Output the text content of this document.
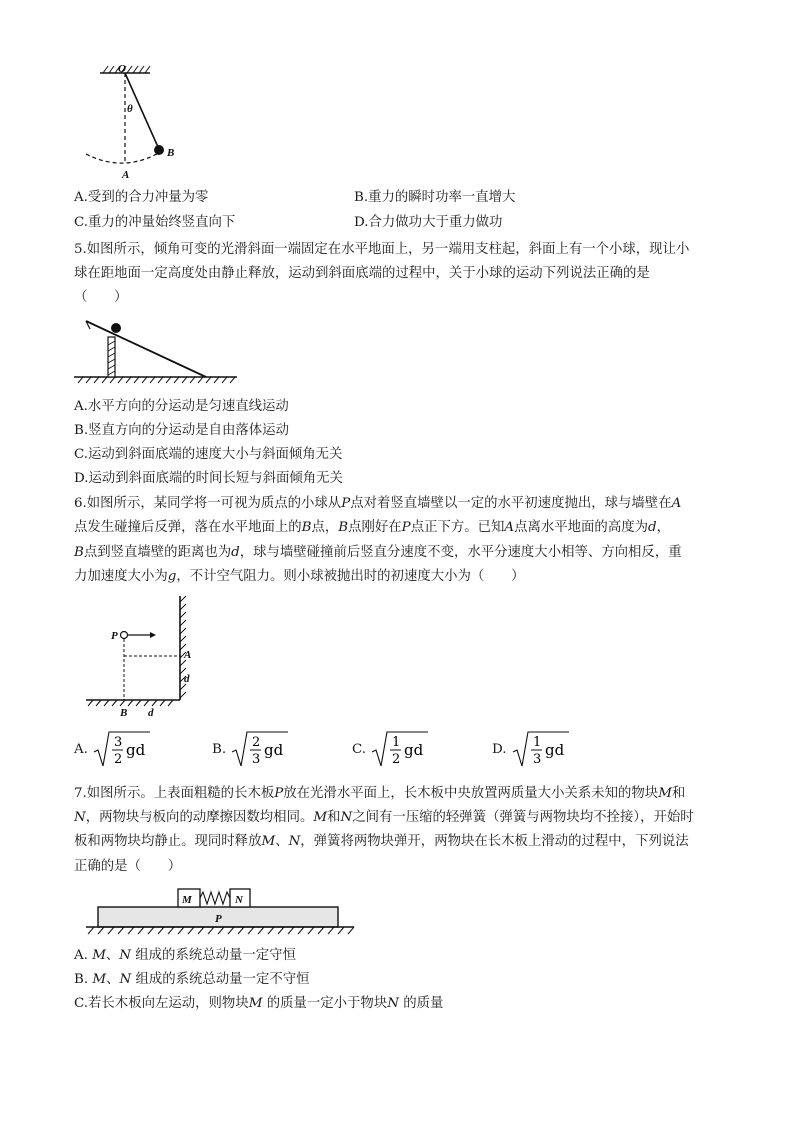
O
θ
B
A
A.受到的合力冲量为零	B.重力的瞬时功率一直增大
C.重力的冲量始终竖直向下	D.合力做功大于重力做功
5.如图所示，倾角可变的光滑斜面一端固定在水平地面上，另一端用支柱起，斜面上有一个小球，现让小
球在距地面一定高度处由静止释放，运动到斜面底端的过程中，关于小球的运动下列说法正确的是
（　　）
A.水平方向的分运动是匀速直线运动
B.竖直方向的分运动是自由落体运动
C.运动到斜面底端的速度大小与斜面倾角无关
D.运动到斜面底端的时间长短与斜面倾角无关
6.如图所示，某同学将一可视为质点的小球从P点对着竖直墙壁以一定的水平初速度抛出，球与墙壁在A
点发生碰撞后反弹，落在水平地面上的B点，B点刚好在P点正下方。已知A点离水平地面的高度为d，
B点到竖直墙壁的距离也为d，球与墙壁碰撞前后竖直分速度不变，水平分速度大小相等、方向相反，重
力加速度大小为g，不计空气阻力。则小球被抛出时的初速度大小为（　　）
P
A
d
B d
A. 3
2
gd	B. 2
3
gd	C. 1
2
gd	D. 1
3
gd
7.如图所示。上表面粗糙的长木板P放在光滑水平面上，长木板中央放置两质量大小关系未知的物块M和
N，两物块与板向的动摩擦因数均相同。M和N之间有一压缩的轻弹簧（弹簧与两物块均不拴接），开始时
板和两物块均静止。现同时释放M、N，弹簧将两物块弹开，两物块在长木板上滑动的过程中，下列说法
正确的是（　　）
M	N
P
A. M、N 组成的系统总动量一定守恒
B. M、N 组成的系统总动量一定不守恒
C.若长木板向左运动，则物块M 的质量一定小于物块N 的质量
